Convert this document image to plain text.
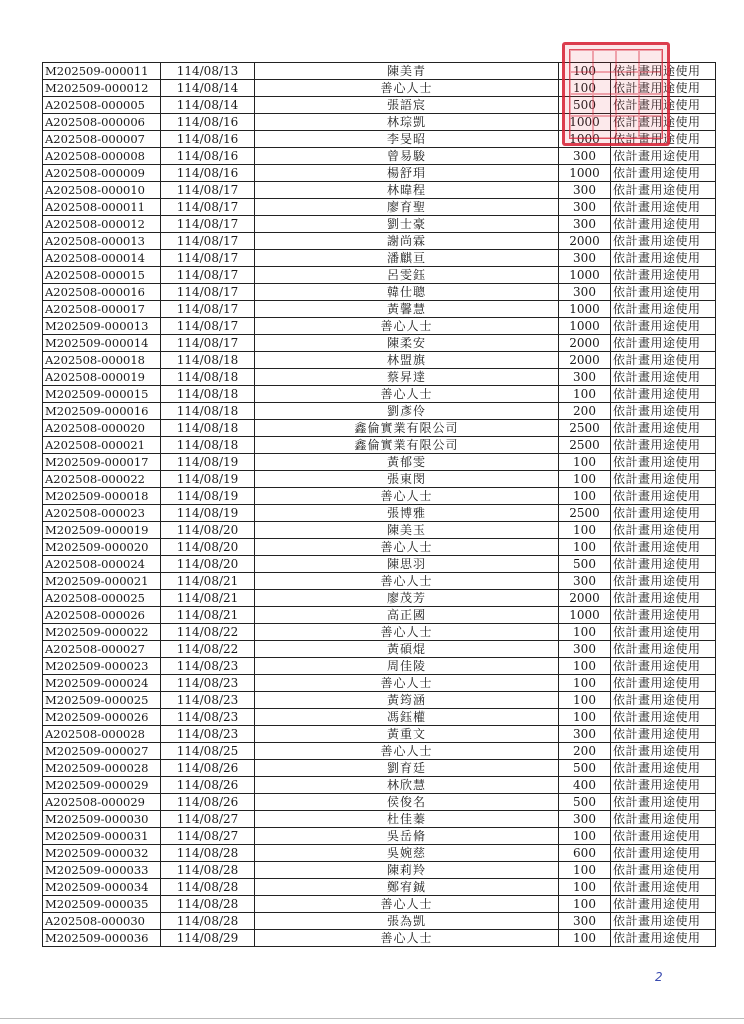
M202509-000011	114/08/13	陳美青	100	依計畫用途使用
M202509-000012	114/08/14	善心人士	100	依計畫用途使用
A202508-000005	114/08/14	張語宸	500	依計畫用途使用
A202508-000006	114/08/16	林琮凱	1000	依計畫用途使用
A202508-000007	114/08/16	李旻昭	1000	依計畫用途使用
A202508-000008	114/08/16	曾易駿	300	依計畫用途使用
A202508-000009	114/08/16	楊舒琄	1000	依計畫用途使用
A202508-000010	114/08/17	林暐程	300	依計畫用途使用
A202508-000011	114/08/17	廖育聖	300	依計畫用途使用
A202508-000012	114/08/17	劉士豪	300	依計畫用途使用
A202508-000013	114/08/17	謝尚霖	2000	依計畫用途使用
A202508-000014	114/08/17	潘麒亘	300	依計畫用途使用
A202508-000015	114/08/17	呂雯鈺	1000	依計畫用途使用
A202508-000016	114/08/17	韓仕聰	300	依計畫用途使用
A202508-000017	114/08/17	黃馨慧	1000	依計畫用途使用
M202509-000013	114/08/17	善心人士	1000	依計畫用途使用
M202509-000014	114/08/17	陳柔安	2000	依計畫用途使用
A202508-000018	114/08/18	林盟旗	2000	依計畫用途使用
A202508-000019	114/08/18	蔡昇達	300	依計畫用途使用
M202509-000015	114/08/18	善心人士	100	依計畫用途使用
M202509-000016	114/08/18	劉彥伶	200	依計畫用途使用
A202508-000020	114/08/18	鑫倫實業有限公司	2500	依計畫用途使用
A202508-000021	114/08/18	鑫倫實業有限公司	2500	依計畫用途使用
M202509-000017	114/08/19	黃郁雯	100	依計畫用途使用
A202508-000022	114/08/19	張東閔	100	依計畫用途使用
M202509-000018	114/08/19	善心人士	100	依計畫用途使用
A202508-000023	114/08/19	張博雅	2500	依計畫用途使用
M202509-000019	114/08/20	陳美玉	100	依計畫用途使用
M202509-000020	114/08/20	善心人士	100	依計畫用途使用
A202508-000024	114/08/20	陳思羽	500	依計畫用途使用
M202509-000021	114/08/21	善心人士	300	依計畫用途使用
A202508-000025	114/08/21	廖茂芳	2000	依計畫用途使用
A202508-000026	114/08/21	高正國	1000	依計畫用途使用
M202509-000022	114/08/22	善心人士	100	依計畫用途使用
A202508-000027	114/08/22	黃碩焜	300	依計畫用途使用
M202509-000023	114/08/23	周佳陵	100	依計畫用途使用
M202509-000024	114/08/23	善心人士	100	依計畫用途使用
M202509-000025	114/08/23	黃筠涵	100	依計畫用途使用
M202509-000026	114/08/23	馮鈺權	100	依計畫用途使用
A202508-000028	114/08/23	黃重文	300	依計畫用途使用
M202509-000027	114/08/25	善心人士	200	依計畫用途使用
M202509-000028	114/08/26	劉育廷	500	依計畫用途使用
M202509-000029	114/08/26	林欣慧	400	依計畫用途使用
A202508-000029	114/08/26	侯俊名	500	依計畫用途使用
M202509-000030	114/08/27	杜佳蓁	300	依計畫用途使用
M202509-000031	114/08/27	吳岳脩	100	依計畫用途使用
M202509-000032	114/08/28	吳婉慈	600	依計畫用途使用
M202509-000033	114/08/28	陳莉羚	100	依計畫用途使用
M202509-000034	114/08/28	鄭宥鋮	100	依計畫用途使用
M202509-000035	114/08/28	善心人士	100	依計畫用途使用
A202508-000030	114/08/28	張為凱	300	依計畫用途使用
M202509-000036	114/08/29	善心人士	100	依計畫用途使用
2
